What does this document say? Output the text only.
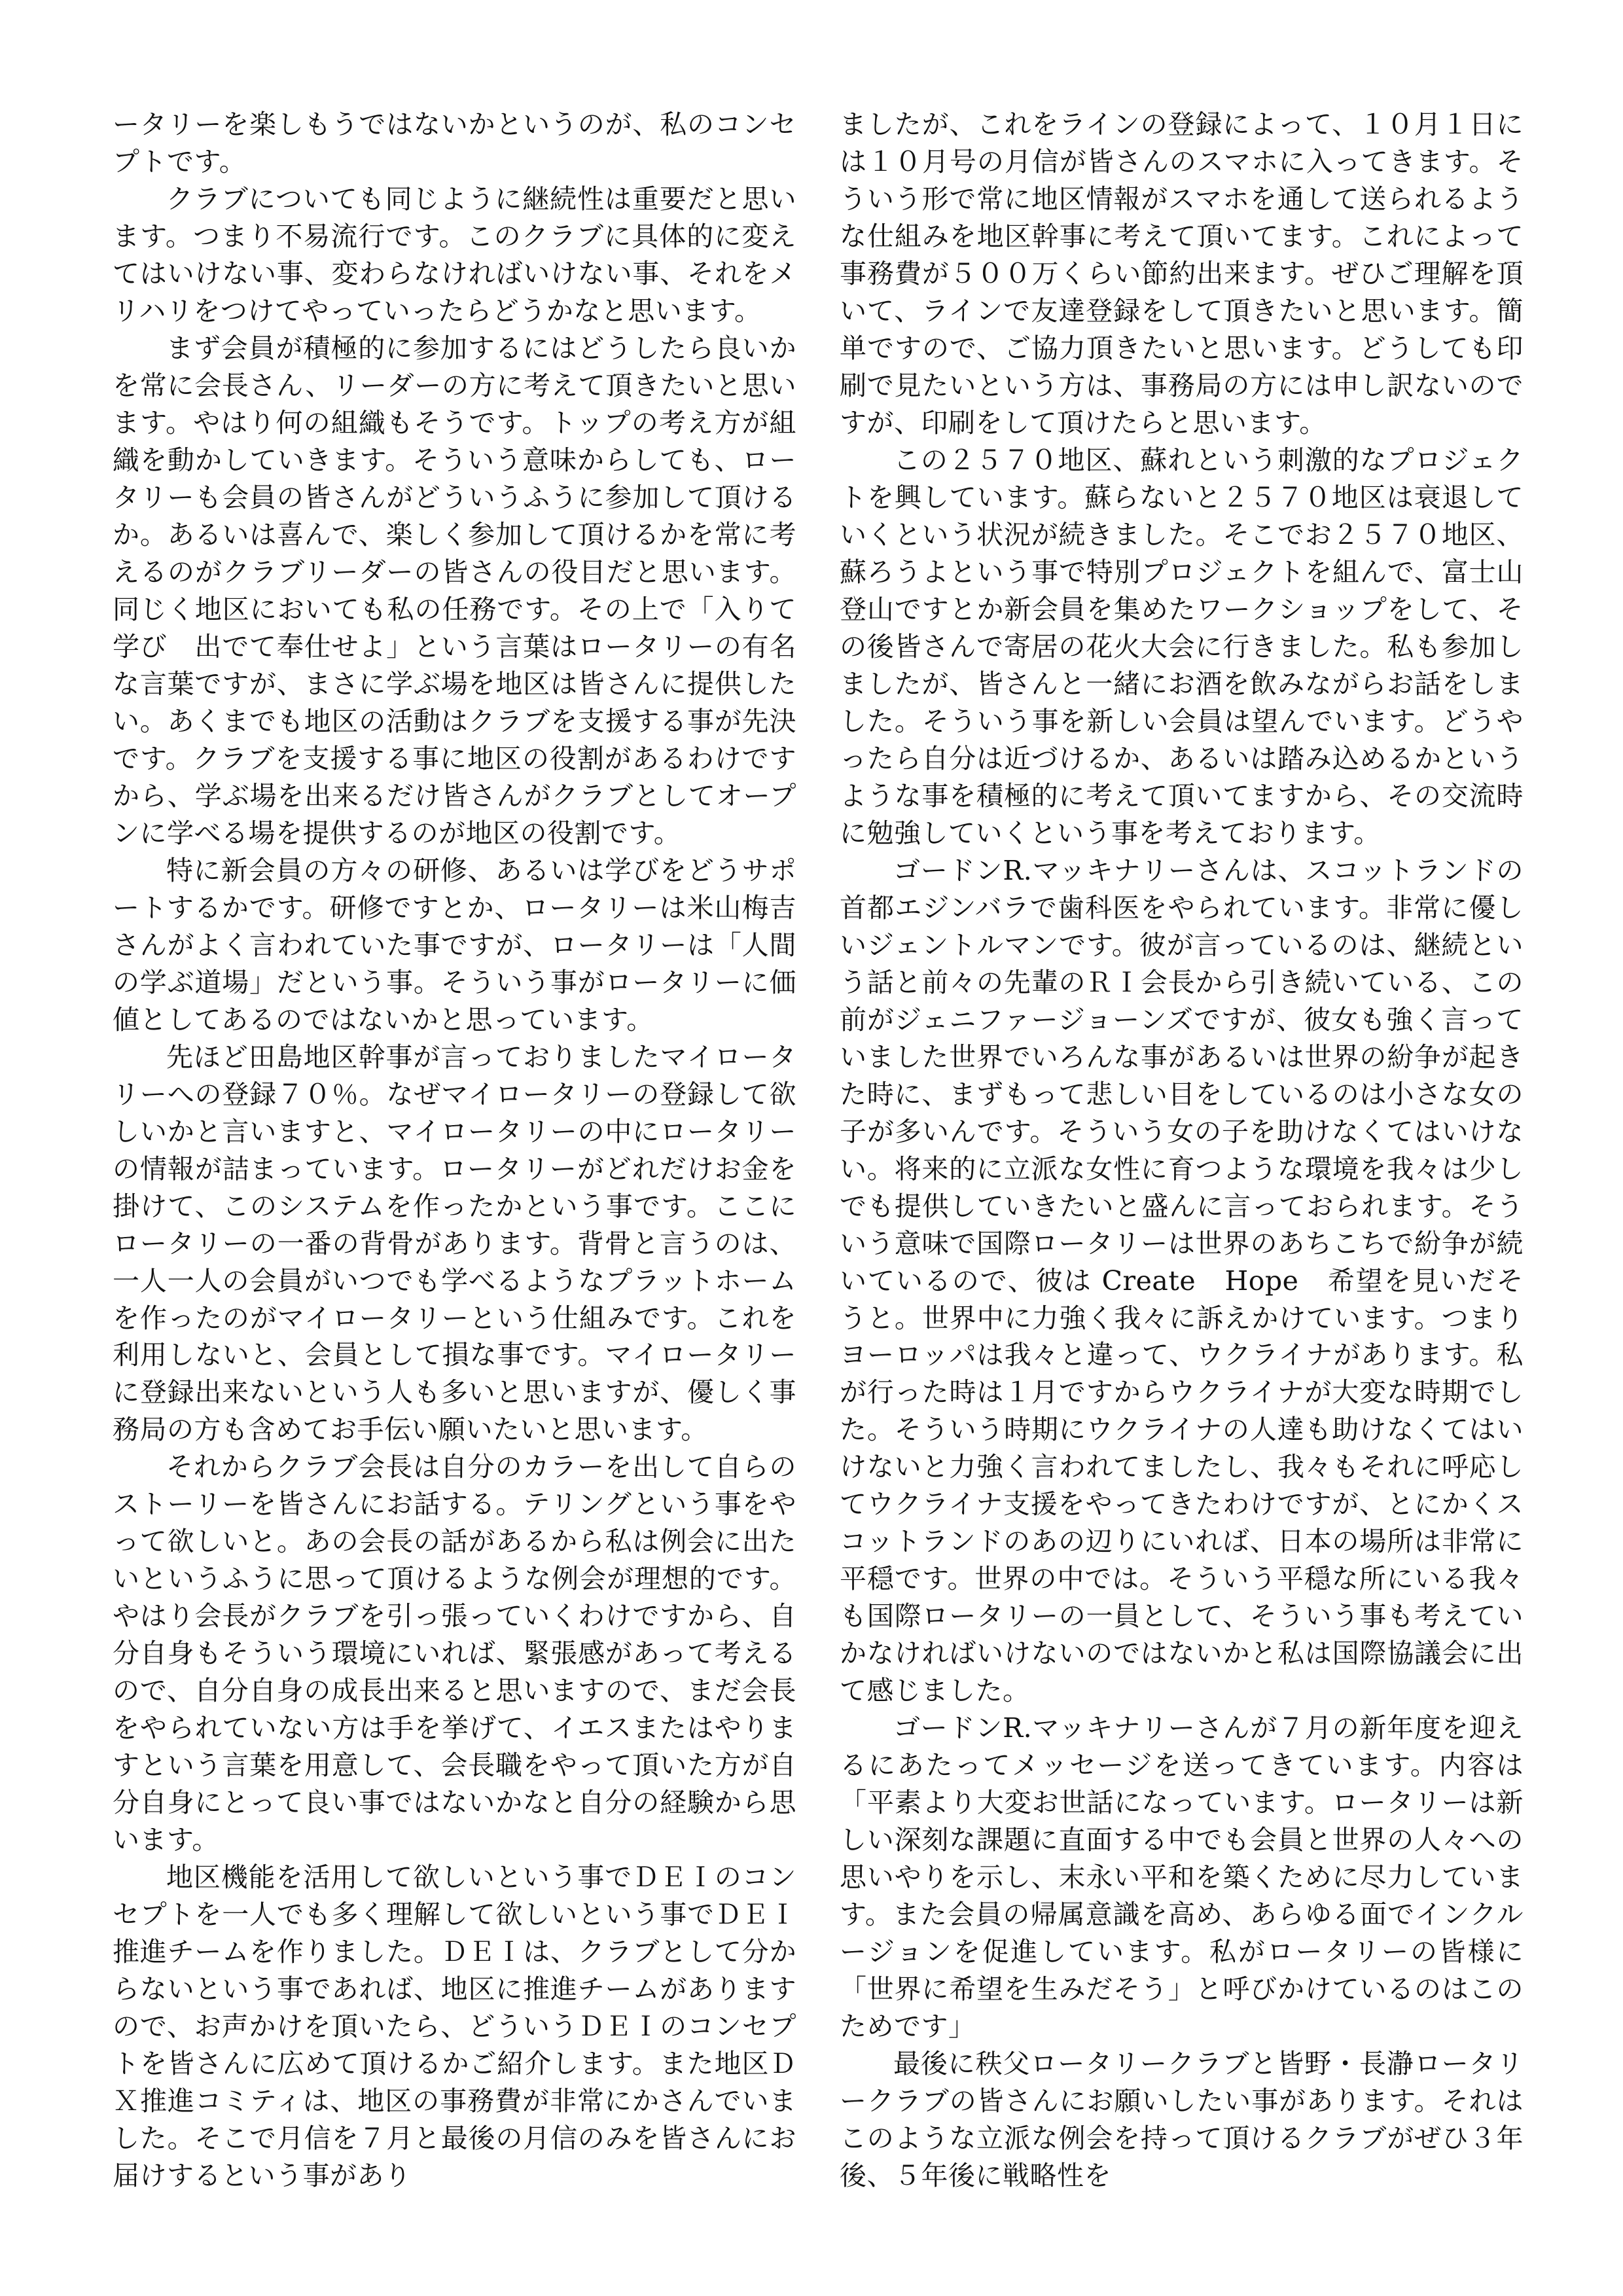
ータリーを楽しもうではないかというのが、私のコンセプトです。

クラブについても同じように継続性は重要だと思います。つまり不易流行です。このクラブに具体的に変えてはいけない事、変わらなければいけない事、それをメリハリをつけてやっていったらどうかなと思います。

まず会員が積極的に参加するにはどうしたら良いかを常に会長さん、リーダーの方に考えて頂きたいと思います。やはり何の組織もそうです。トップの考え方が組織を動かしていきます。そういう意味からしても、ロータリーも会員の皆さんがどういうふうに参加して頂けるか。あるいは喜んで、楽しく参加して頂けるかを常に考えるのがクラブリーダーの皆さんの役目だと思います。同じく地区においても私の任務です。その上で「入りて学び　出でて奉仕せよ」という言葉はロータリーの有名な言葉ですが、まさに学ぶ場を地区は皆さんに提供したい。あくまでも地区の活動はクラブを支援する事が先決です。クラブを支援する事に地区の役割があるわけですから、学ぶ場を出来るだけ皆さんがクラブとしてオープンに学べる場を提供するのが地区の役割です。

特に新会員の方々の研修、あるいは学びをどうサポートするかです。研修ですとか、ロータリーは米山梅吉さんがよく言われていた事ですが、ロータリーは「人間の学ぶ道場」だという事。そういう事がロータリーに価値としてあるのではないかと思っています。

先ほど田島地区幹事が言っておりましたマイロータリーへの登録７０％。なぜマイロータリーの登録して欲しいかと言いますと、マイロータリーの中にロータリーの情報が詰まっています。ロータリーがどれだけお金を掛けて、このシステムを作ったかという事です。ここにロータリーの一番の背骨があります。背骨と言うのは、一人一人の会員がいつでも学べるようなプラットホームを作ったのがマイロータリーという仕組みです。これを利用しないと、会員として損な事です。マイロータリーに登録出来ないという人も多いと思いますが、優しく事務局の方も含めてお手伝い願いたいと思います。

それからクラブ会長は自分のカラーを出して自らのストーリーを皆さんにお話する。テリングという事をやって欲しいと。あの会長の話があるから私は例会に出たいというふうに思って頂けるような例会が理想的です。やはり会長がクラブを引っ張っていくわけですから、自分自身もそういう環境にいれば、緊張感があって考えるので、自分自身の成長出来ると思いますので、まだ会長をやられていない方は手を挙げて、イエスまたはやりますという言葉を用意して、会長職をやって頂いた方が自分自身にとって良い事ではないかなと自分の経験から思います。

地区機能を活用して欲しいという事でＤＥＩのコンセプトを一人でも多く理解して欲しいという事でＤＥＩ推進チームを作りました。ＤＥＩは、クラブとして分からないという事であれば、地区に推進チームがありますので、お声かけを頂いたら、どういうＤＥＩのコンセプトを皆さんに広めて頂けるかご紹介します。また地区ＤＸ推進コミティは、地区の事務費が非常にかさんでいました。そこで月信を７月と最後の月信のみを皆さんにお届けするという事があり

ましたが、これをラインの登録によって、１０月１日には１０月号の月信が皆さんのスマホに入ってきます。そういう形で常に地区情報がスマホを通して送られるような仕組みを地区幹事に考えて頂いてます。これによって事務費が５００万くらい節約出来ます。ぜひご理解を頂いて、ラインで友達登録をして頂きたいと思います。簡単ですので、ご協力頂きたいと思います。どうしても印刷で見たいという方は、事務局の方には申し訳ないのですが、印刷をして頂けたらと思います。

この２５７０地区、蘇れという刺激的なプロジェクトを興しています。蘇らないと２５７０地区は衰退していくという状況が続きました。そこでお２５７０地区、蘇ろうよという事で特別プロジェクトを組んで、富士山登山ですとか新会員を集めたワークショップをして、その後皆さんで寄居の花火大会に行きました。私も参加しましたが、皆さんと一緒にお酒を飲みながらお話をしました。そういう事を新しい会員は望んでいます。どうやったら自分は近づけるか、あるいは踏み込めるかというような事を積極的に考えて頂いてますから、その交流時に勉強していくという事を考えております。

ゴードンR.マッキナリーさんは、スコットランドの首都エジンバラで歯科医をやられています。非常に優しいジェントルマンです。彼が言っているのは、継続という話と前々の先輩のＲＩ会長から引き続いている、この前がジェニファージョーンズですが、彼女も強く言っていました世界でいろんな事があるいは世界の紛争が起きた時に、まずもって悲しい目をしているのは小さな女の子が多いんです。そういう女の子を助けなくてはいけない。将来的に立派な女性に育つような環境を我々は少しでも提供していきたいと盛んに言っておられます。そういう意味で国際ロータリーは世界のあちこちで紛争が続いているので、彼は Create　Hope　希望を見いだそうと。世界中に力強く我々に訴えかけています。つまりヨーロッパは我々と違って、ウクライナがあります。私が行った時は１月ですからウクライナが大変な時期でした。そういう時期にウクライナの人達も助けなくてはいけないと力強く言われてましたし、我々もそれに呼応してウクライナ支援をやってきたわけですが、とにかくスコットランドのあの辺りにいれば、日本の場所は非常に平穏です。世界の中では。そういう平穏な所にいる我々も国際ロータリーの一員として、そういう事も考えていかなければいけないのではないかと私は国際協議会に出て感じました。

ゴードンR.マッキナリーさんが７月の新年度を迎えるにあたってメッセージを送ってきています。内容は「平素より大変お世話になっています。ロータリーは新しい深刻な課題に直面する中でも会員と世界の人々への思いやりを示し、末永い平和を築くために尽力しています。また会員の帰属意識を高め、あらゆる面でインクルージョンを促進しています。私がロータリーの皆様に「世界に希望を生みだそう」と呼びかけているのはこのためです」

最後に秩父ロータリークラブと皆野・長瀞ロータリークラブの皆さんにお願いしたい事があります。それはこのような立派な例会を持って頂けるクラブがぜひ３年後、５年後に戦略性を
